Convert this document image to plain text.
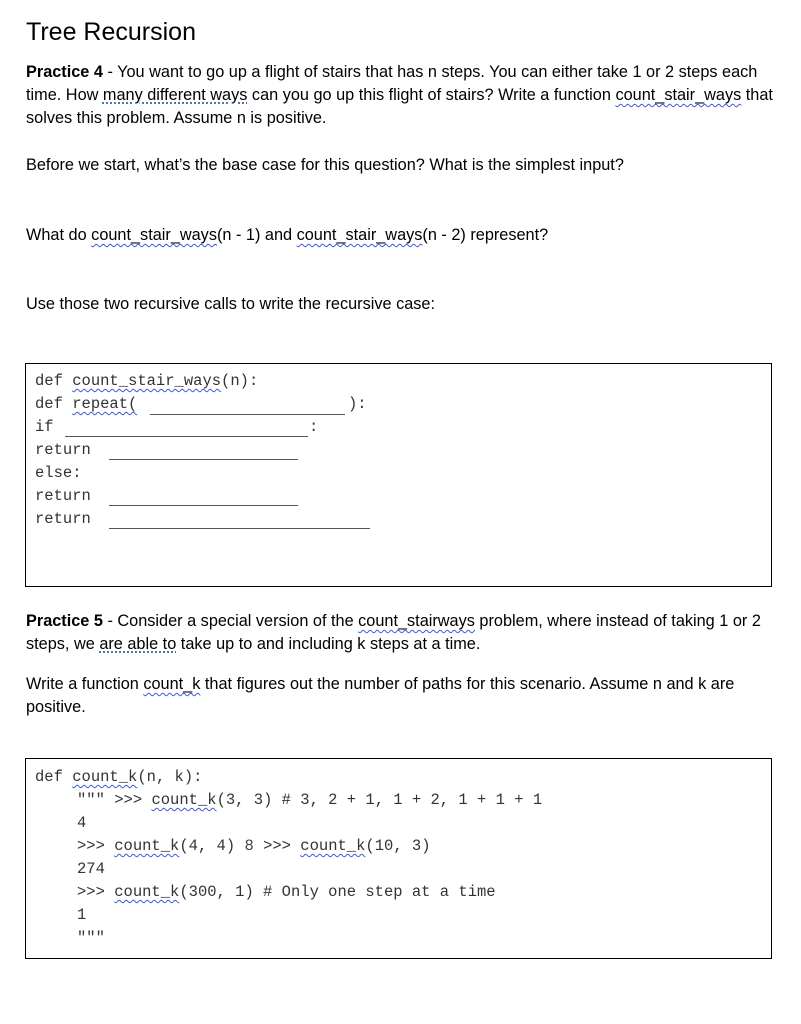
Tree Recursion
Practice 4 - You want to go up a flight of stairs that has n steps. You can either take 1 or 2 steps each time. How many different ways can you go up this flight of stairs? Write a function count_stair_ways that solves this problem. Assume n is positive.
Before we start, what’s the base case for this question? What is the simplest input?
What do count_stair_ways(n - 1) and count_stair_ways(n - 2) represent?
Use those two recursive calls to write the recursive case:
def count_stair_ways(n):
def repeat(	):
if	:
return
else:
return
return
Practice 5 - Consider a special version of the count_stairways problem, where instead of taking 1 or 2 steps, we are able to take up to and including k steps at a time.
Write a function count_k that figures out the number of paths for this scenario. Assume n and k are positive.
def count_k(n, k):
""" >>> count_k(3, 3) # 3, 2 + 1, 1 + 2, 1 + 1 + 1
4
>>> count_k(4, 4) 8 >>> count_k(10, 3)
274
>>> count_k(300, 1) # Only one step at a time
1
"""
